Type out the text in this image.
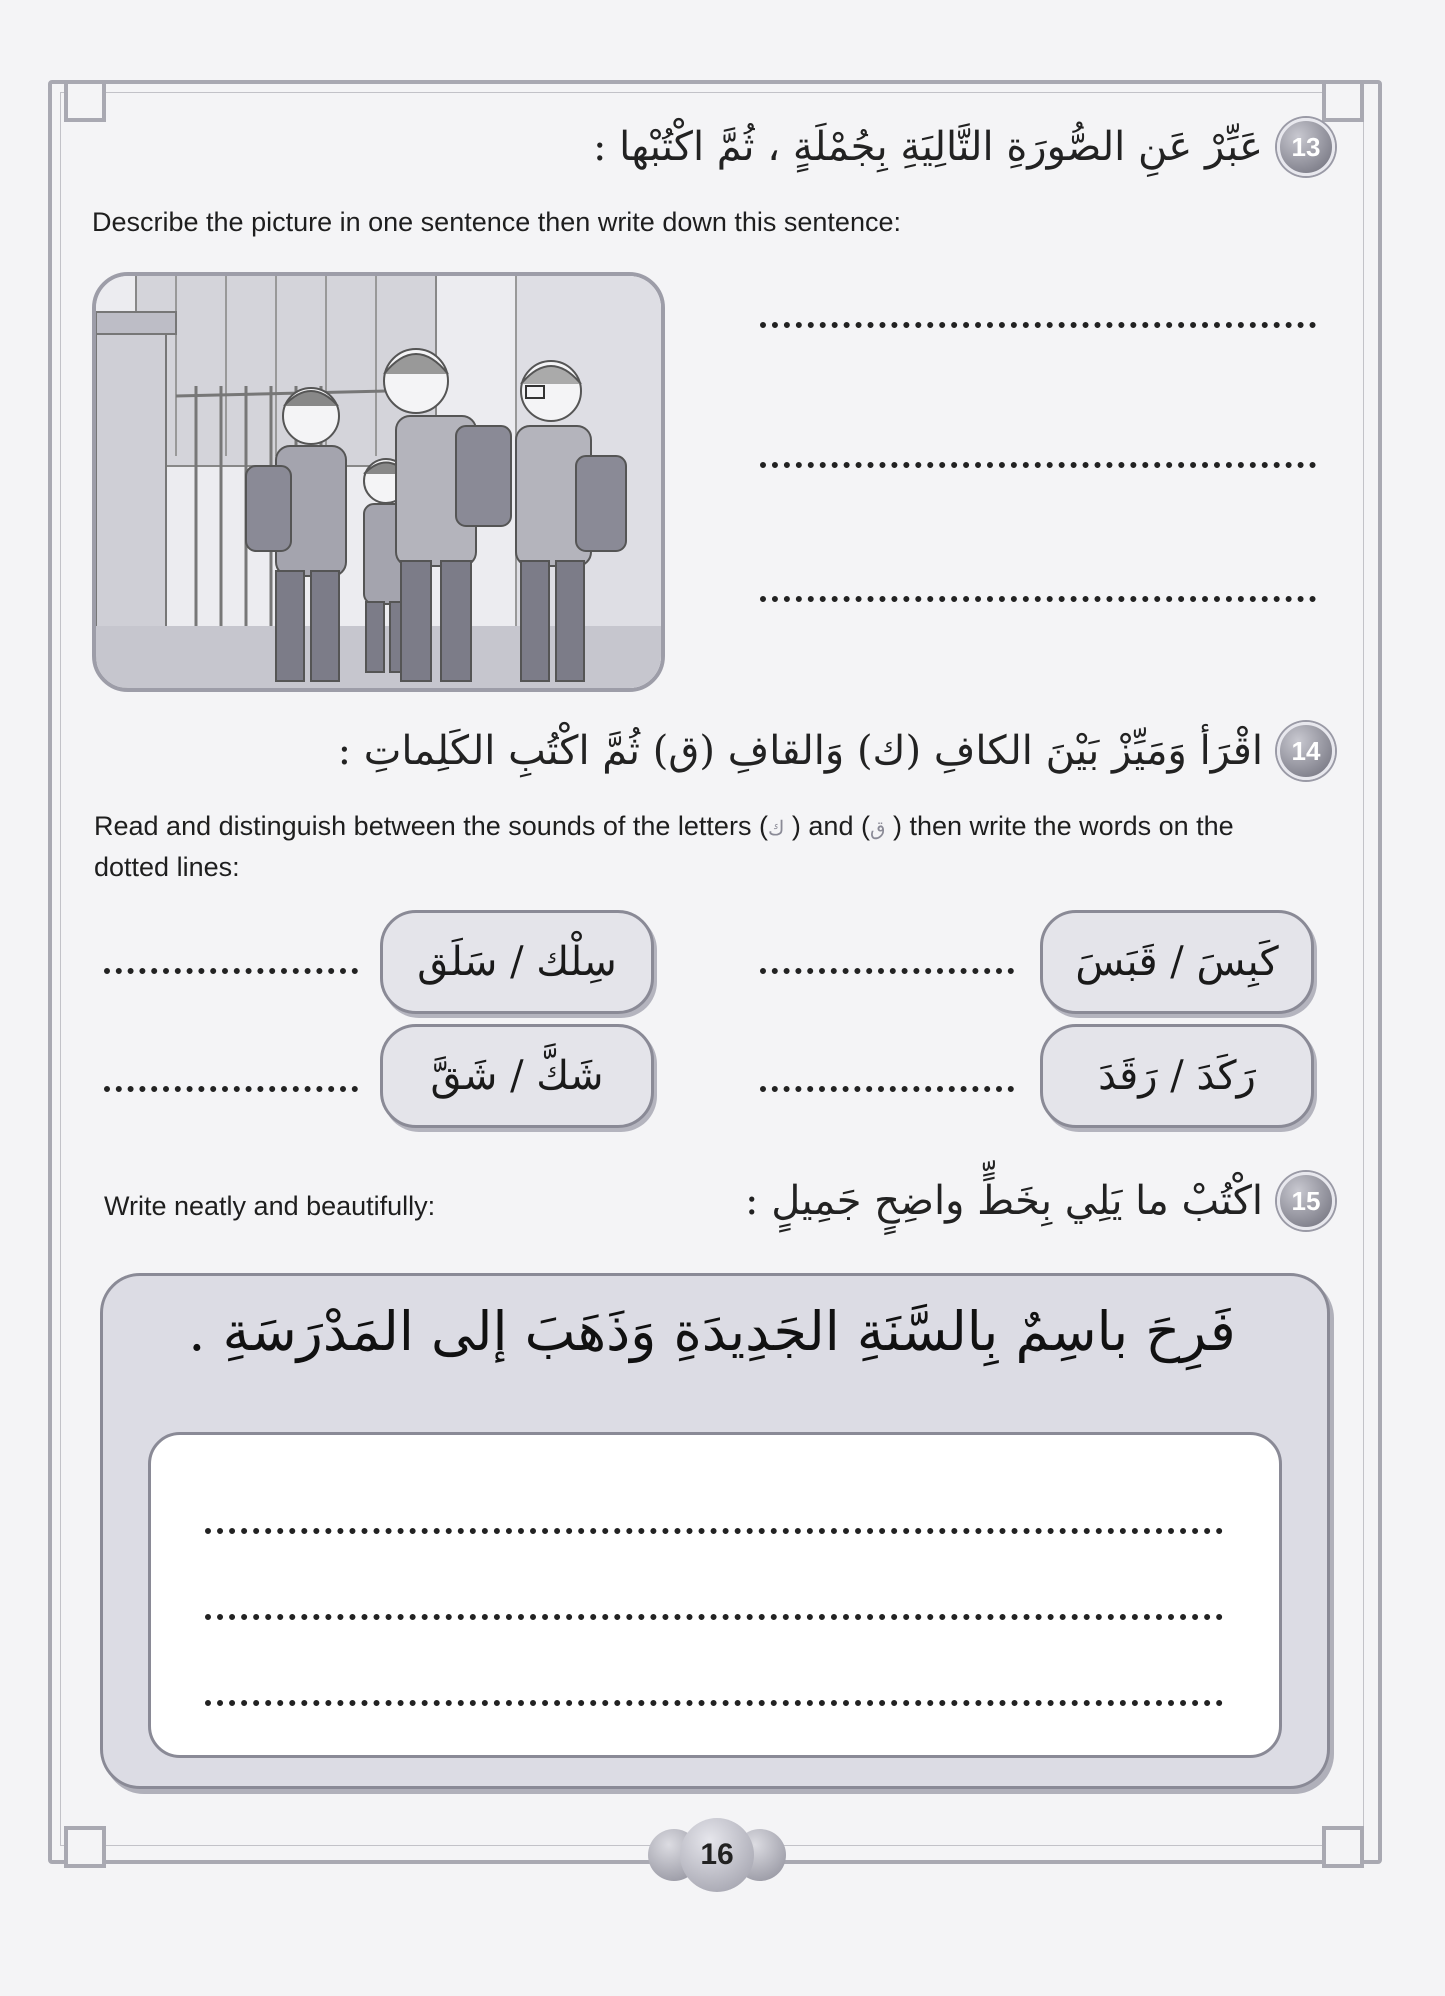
13
عَبِّرْ عَنِ الصُّورَةِ التَّالِيَةِ بِجُمْلَةٍ ، ثُمَّ اكْتُبْها :
Describe the picture in one sentence then write down this sentence:
14
اقْرَأ وَمَيِّزْ بَيْنَ الكافِ (ك) وَالقافِ (ق) ثُمَّ اكْتُبِ الكَلِماتِ :
Read and distinguish between the sounds of the letters (ك ) and (ق ) then write the words on the dotted lines:
كَبِسَ / قَبَسَ
سِلْك / سَلَق
رَكَدَ / رَقَدَ
شَكَّ / شَقَّ
15
اكْتُبْ ما يَلِي بِخَطٍّ واضِحٍ جَمِيلٍ :
Write neatly and beautifully:
فَرِحَ باسِمٌ بِالسَّنَةِ الجَدِيدَةِ وَذَهَبَ إلى المَدْرَسَةِ .
16
